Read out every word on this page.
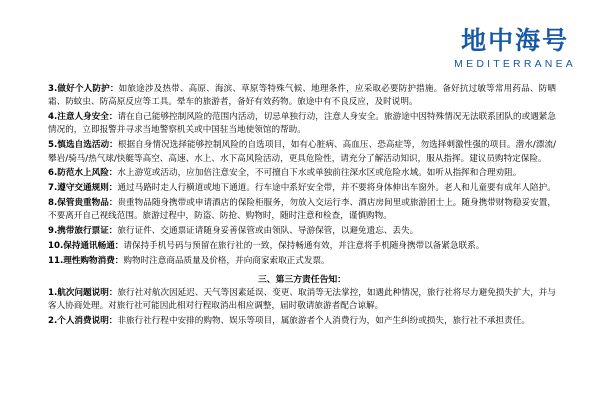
地中海号
MEDITERRANEA

3.做好个人防护：如旅途涉及热带、高原、海滨、草原等特殊气候、地理条件，应采取必要防护措施。备好抗过敏等常用药品、防晒霜、防蚊虫、防高原反应等工具。晕车的旅游者，备好有效药物。旅途中有不良反应，及时说明。

4.注意人身安全：请在自己能够控制风险的范围内活动，切忌单独行动，注意人身安全。旅游途中因特殊情况无法联系团队的或遇紧急情况的，立即报警并寻求当地警察机关或中国驻当地使领馆的帮助。

5.慎选自选活动：根据自身情况选择能够控制风险的自选项目，如有心脏病、高血压、恐高症等，勿选择刺激性强的项目。潜水/漂流/攀岩/骑马/热气球/快艇等高空、高速、水上、水下高风险活动，更具危险性，请充分了解活动知识，服从指挥。建议员购特定保险。

6.防范水上风险：水上游览或活动，应加倍注意安全，不可擅自下水或单独前往深水区或危险水域。如听从指挥和合理劝阻。

7.遵守交通规则：通过马路时走人行横道或地下通道。行车途中系好安全带，并不要将身体伸出车窗外。老人和儿童要有成年人陪护。

8.保管贵重物品：贵重物品随身携带或申请酒店的保险柜服务，勿放入交运行李、酒店房间里或旅游团士上。随身携带财物稳妥安置，不要离开自己视线范围。旅游过程中，防盗、防抢、购物时，随时注意和检查，谨慎购物。

9.携带旅行票证：旅行证件、交通票证请随身妥善保管或由领队、导游保管，以避免遗忘、丢失。

10.保持通讯畅通：请保持手机号码与预留在旅行社的一致，保持畅通有效，并注意将手机随身携带以备紧急联系。

11.理性购物消费：购物时注意商品质量及价格，并向商家索取正式发票。

三、第三方责任告知：

1.航次问题说明：旅行社对航次因延迟、天气等因素延误、变更、取消等无法掌控，如遇此种情况，旅行社将尽力避免损失扩大，并与客人协商处理。对旅行社可能因此相对行程取消出相应调整，届时敬请旅游者配合谅解。

2.个人消费说明：非旅行社行程中安排的购物、娱乐等项目，属旅游者个人消费行为，如产生纠纷或损失，旅行社不承担责任。
